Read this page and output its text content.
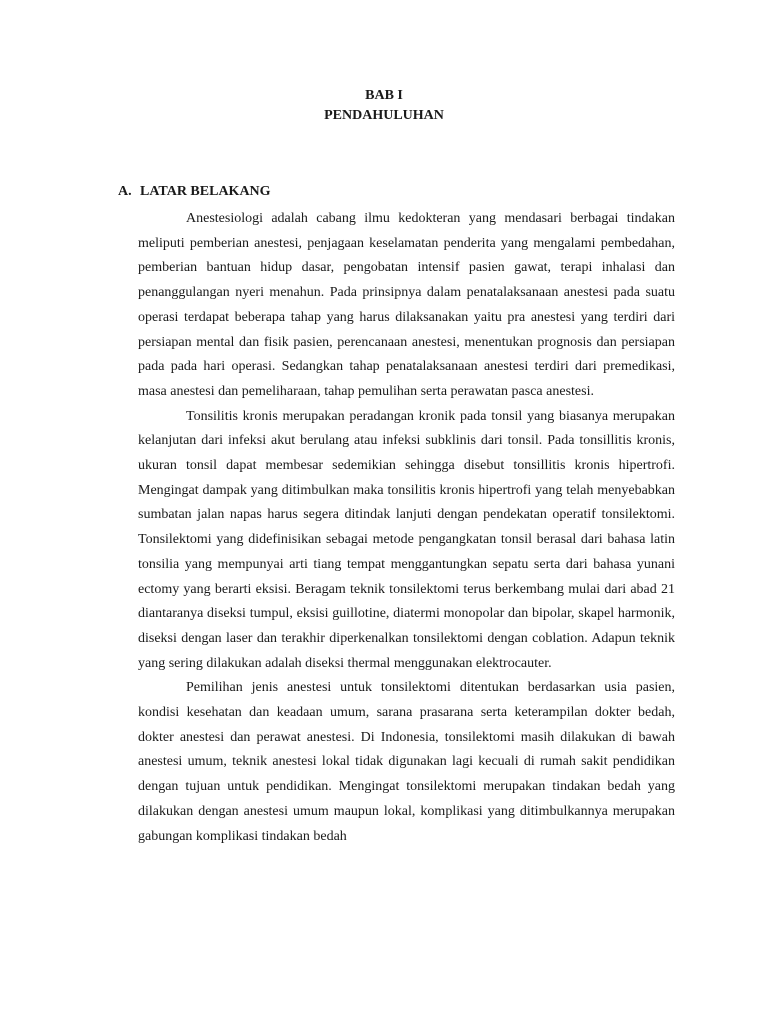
BAB I
PENDAHULUHAN
A. LATAR BELAKANG

Anestesiologi adalah cabang ilmu kedokteran yang mendasari berbagai tindakan meliputi pemberian anestesi, penjagaan keselamatan penderita yang mengalami pembedahan, pemberian bantuan hidup dasar, pengobatan intensif pasien gawat, terapi inhalasi dan penanggulangan nyeri menahun. Pada prinsipnya dalam penatalaksanaan anestesi pada suatu operasi terdapat beberapa tahap yang harus dilaksanakan yaitu pra anestesi yang terdiri dari persiapan mental dan fisik pasien, perencanaan anestesi, menentukan prognosis dan persiapan pada pada hari operasi. Sedangkan tahap penatalaksanaan anestesi terdiri dari premedikasi, masa anestesi dan pemeliharaan, tahap pemulihan serta perawatan pasca anestesi.

Tonsilitis kronis merupakan peradangan kronik pada tonsil yang biasanya merupakan kelanjutan dari infeksi akut berulang atau infeksi subklinis dari tonsil. Pada tonsillitis kronis, ukuran tonsil dapat membesar sedemikian sehingga disebut tonsillitis kronis hipertrofi. Mengingat dampak yang ditimbulkan maka tonsilitis kronis hipertrofi yang telah menyebabkan sumbatan jalan napas harus segera ditindak lanjuti dengan pendekatan operatif tonsilektomi. Tonsilektomi yang didefinisikan sebagai metode pengangkatan tonsil berasal dari bahasa latin tonsilia yang mempunyai arti tiang tempat menggantungkan sepatu serta dari bahasa yunani ectomy yang berarti eksisi. Beragam teknik tonsilektomi terus berkembang mulai dari abad 21 diantaranya diseksi tumpul, eksisi guillotine, diatermi monopolar dan bipolar, skapel harmonik, diseksi dengan laser dan terakhir diperkenalkan tonsilektomi dengan coblation. Adapun teknik yang sering dilakukan adalah diseksi thermal menggunakan elektrocauter.

Pemilihan jenis anestesi untuk tonsilektomi ditentukan berdasarkan usia pasien, kondisi kesehatan dan keadaan umum, sarana prasarana serta keterampilan dokter bedah, dokter anestesi dan perawat anestesi. Di Indonesia, tonsilektomi masih dilakukan di bawah anestesi umum, teknik anestesi lokal tidak digunakan lagi kecuali di rumah sakit pendidikan dengan tujuan untuk pendidikan. Mengingat tonsilektomi merupakan tindakan bedah yang dilakukan dengan anestesi umum maupun lokal, komplikasi yang ditimbulkannya merupakan gabungan komplikasi tindakan bedah
